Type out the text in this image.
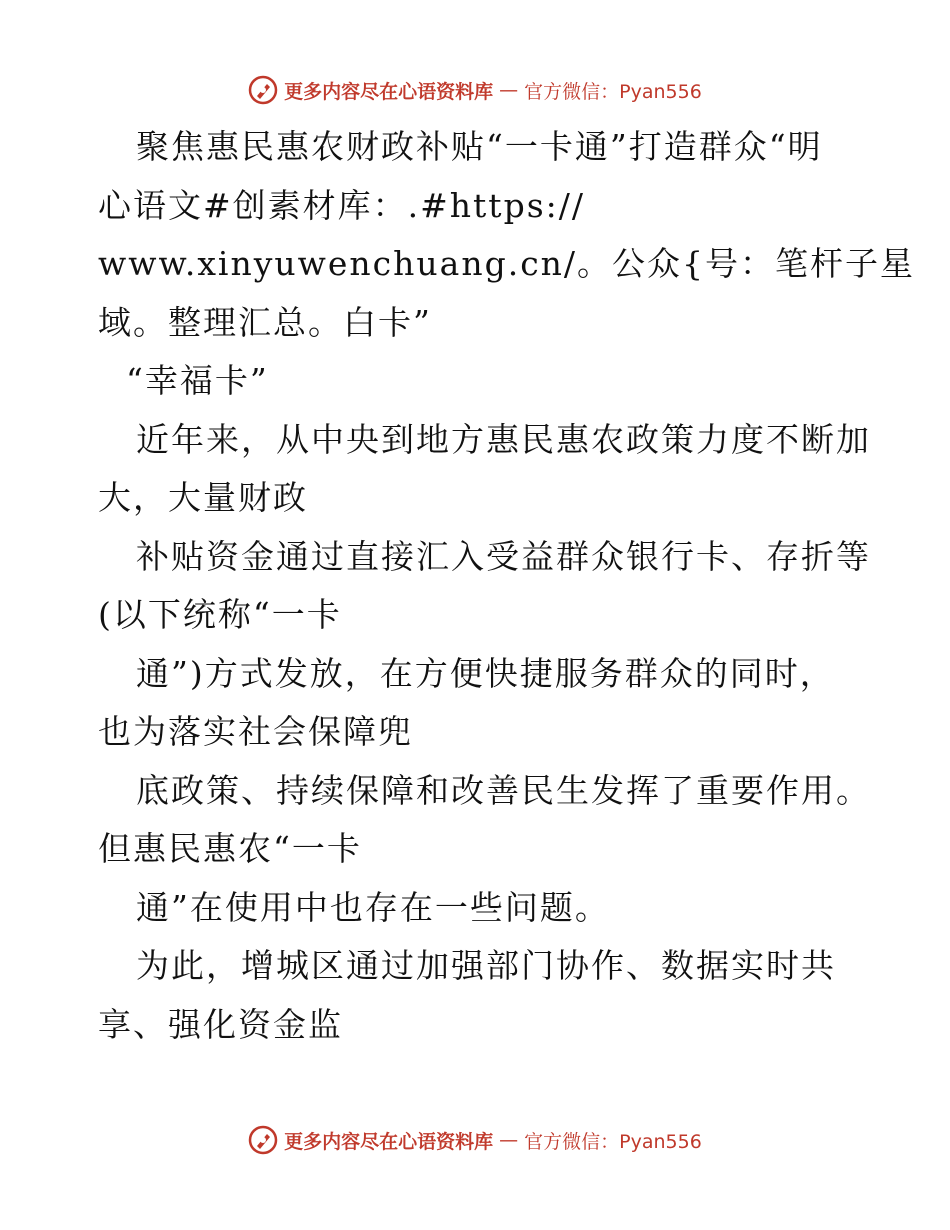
更多内容尽在心语资料库 — 官方微信：Pyan556
聚焦惠民惠农财政补贴“一卡通”打造群众“明
心语文#创素材库：.#https://
www.xinyuwenchuang.cn/。公众{号：笔杆子星
域。整理汇总。白卡”
“幸福卡”
近年来，从中央到地方惠民惠农政策力度不断加
大，大量财政
补贴资金通过直接汇入受益群众银行卡、存折等
(以下统称“一卡
通”)方式发放，在方便快捷服务群众的同时，
也为落实社会保障兜
底政策、持续保障和改善民生发挥了重要作用。
但惠民惠农“一卡
通”在使用中也存在一些问题。
为此，增城区通过加强部门协作、数据实时共
享、强化资金监
更多内容尽在心语资料库 — 官方微信：Pyan556
